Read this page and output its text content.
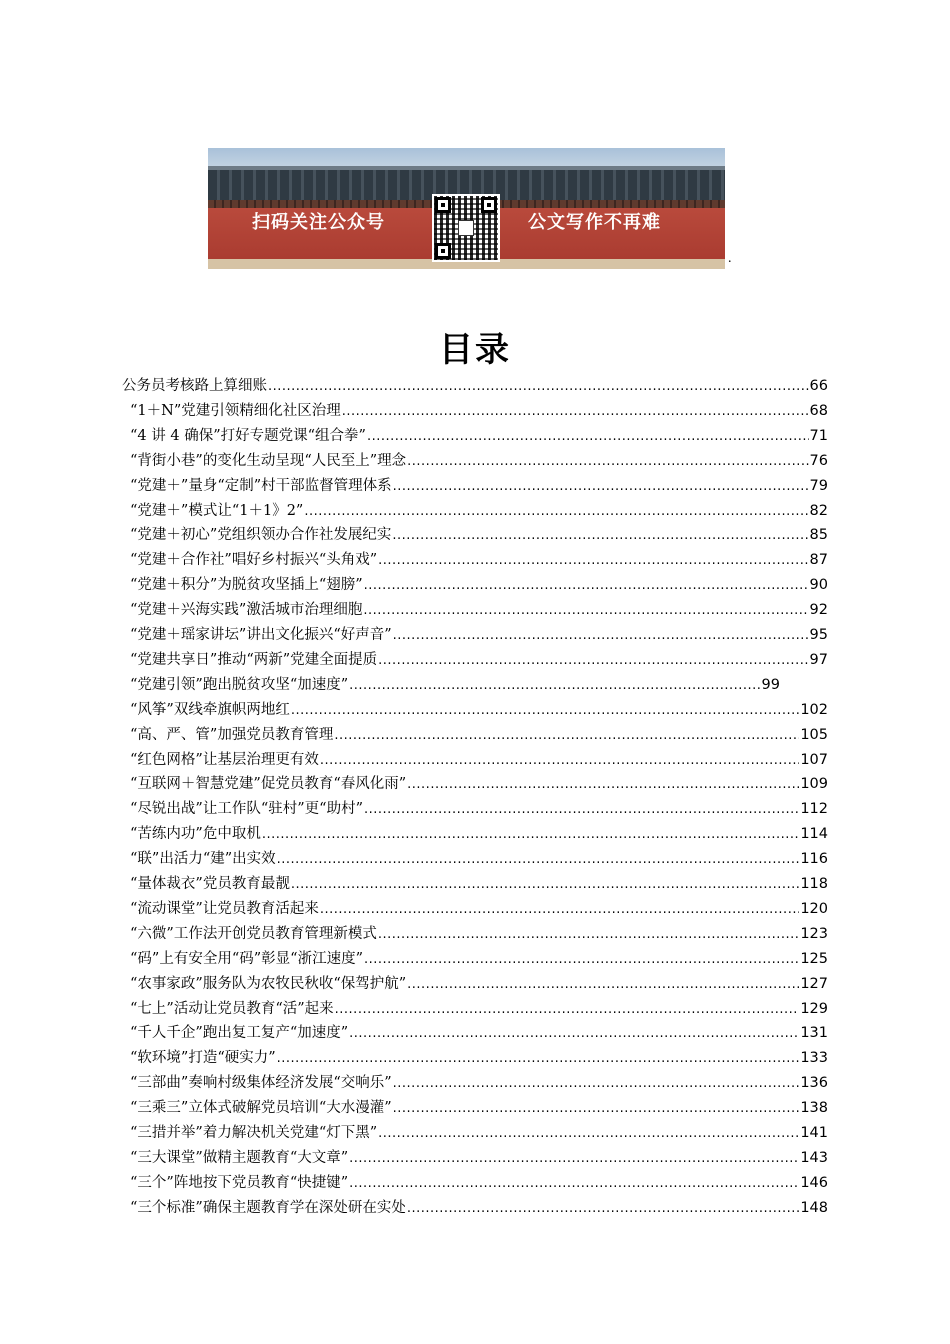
扫码关注公众号	公文写作不再难
.
目录
公务员考核路上算细账 .....	66
“1＋N”党建引领精细化社区治理 .....	68
“4 讲 4 确保”打好专题党课“组合拳” .....	71
“背街小巷”的变化生动呈现“人民至上”理念 .....	76
“党建＋”量身“定制”村干部监督管理体系 .....	79
“党建＋”模式让“1＋1》2” .....	82
“党建＋初心”党组织领办合作社发展纪实 .....	85
“党建＋合作社”唱好乡村振兴“头角戏” .....	87
“党建＋积分”为脱贫攻坚插上“翅膀” .....	90
“党建＋兴海实践”激活城市治理细胞 .....	92
“党建＋瑶家讲坛”讲出文化振兴“好声音” .....	95
“党建共享日”推动“两新”党建全面提质 .....	97
“党建引领”跑出脱贫攻坚“加速度” .....	99
“风筝”双线牵旗帜两地红 .....	102
“高、严、管”加强党员教育管理 .....	105
“红色网格”让基层治理更有效 .....	107
“互联网＋智慧党建”促党员教育“春风化雨” .....	109
“尽锐出战”让工作队“驻村”更“助村” .....	112
“苦练内功”危中取机 .....	114
“联”出活力“建”出实效 .....	116
“量体裁衣”党员教育最靓 .....	118
“流动课堂”让党员教育活起来 .....	120
“六微”工作法开创党员教育管理新模式 .....	123
“码”上有安全用“码”彰显“浙江速度” .....	125
“农事家政”服务队为农牧民秋收“保驾护航” .....	127
“七上”活动让党员教育“活”起来 .....	129
“千人千企”跑出复工复产“加速度” .....	131
“软环境”打造“硬实力” .....	133
“三部曲”奏响村级集体经济发展“交响乐” .....	136
“三乘三”立体式破解党员培训“大水漫灌” .....	138
“三措并举”着力解决机关党建“灯下黑” .....	141
“三大课堂”做精主题教育“大文章” .....	143
“三个”阵地按下党员教育“快捷键” .....	146
“三个标准”确保主题教育学在深处研在实处 .....	148
